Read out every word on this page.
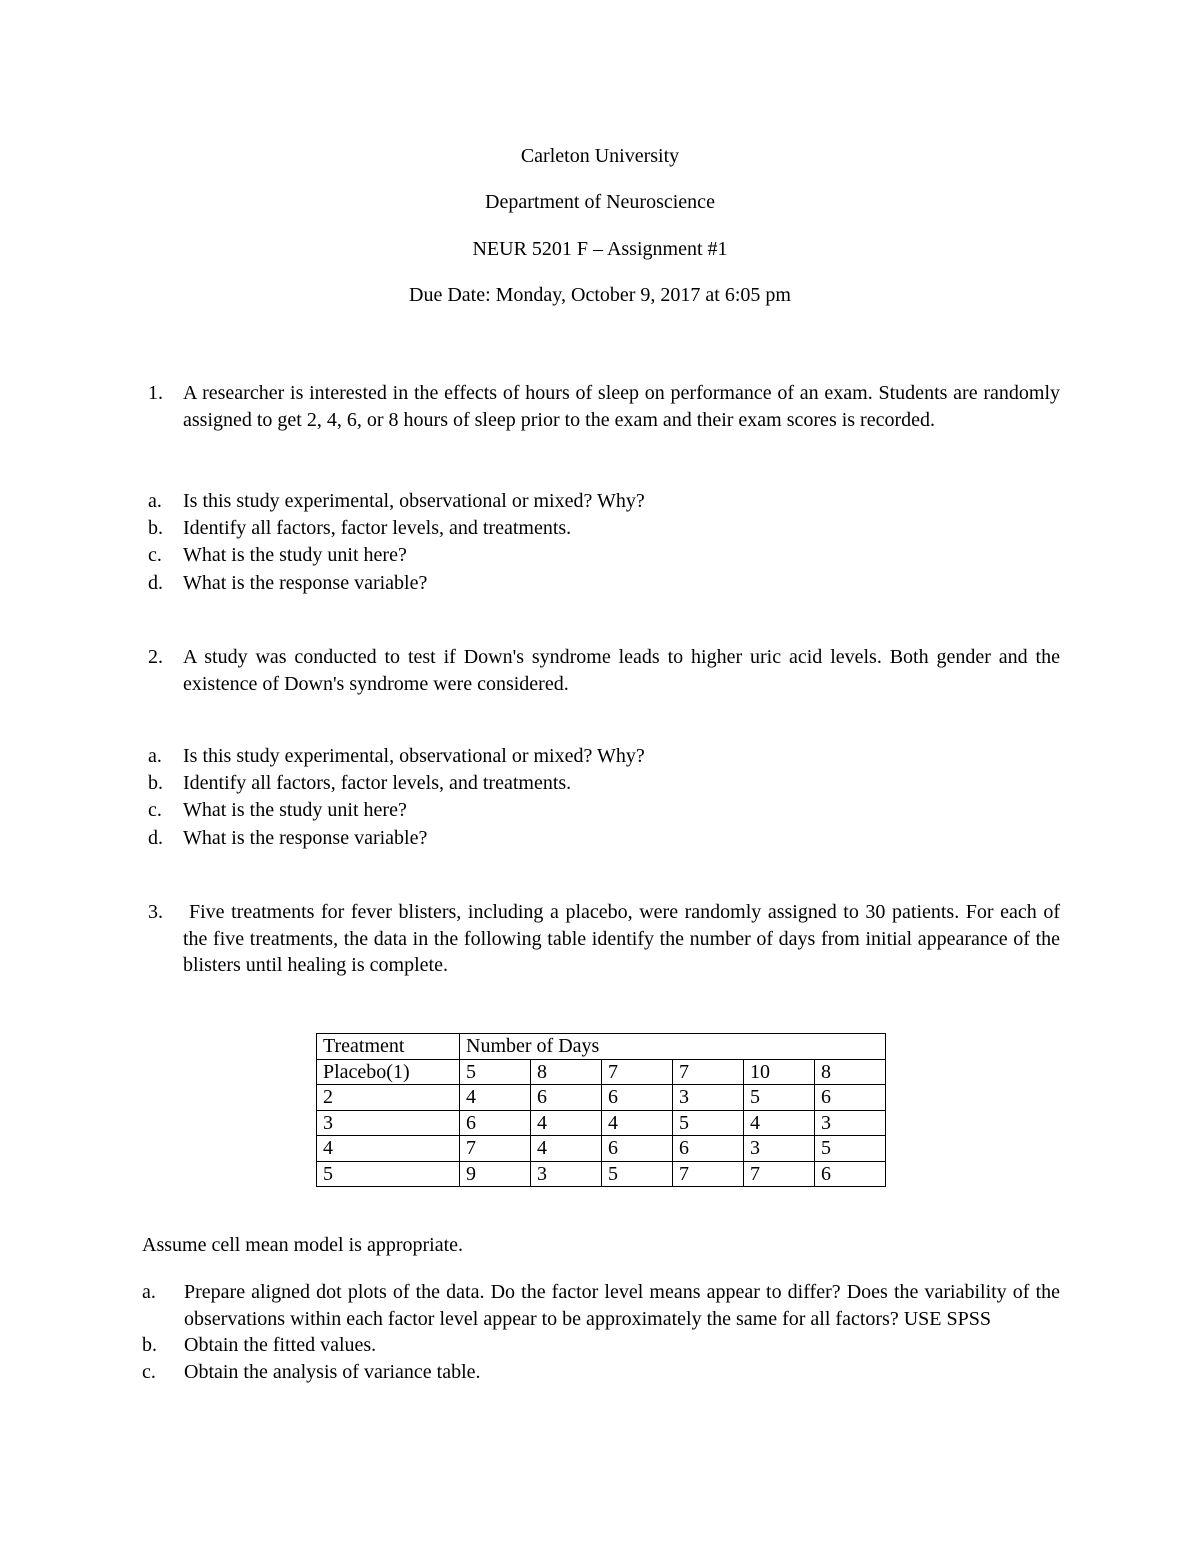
Carleton University
Department of Neuroscience
NEUR 5201 F – Assignment #1
Due Date: Monday, October 9, 2017 at 6:05 pm
1. A researcher is interested in the effects of hours of sleep on performance of an exam. Students are randomly assigned to get 2, 4, 6, or 8 hours of sleep prior to the exam and their exam scores is recorded.
a. Is this study experimental, observational or mixed? Why?
b. Identify all factors, factor levels, and treatments.
c. What is the study unit here?
d. What is the response variable?
2. A study was conducted to test if Down's syndrome leads to higher uric acid levels. Both gender and the existence of Down's syndrome were considered.
a. Is this study experimental, observational or mixed? Why?
b. Identify all factors, factor levels, and treatments.
c. What is the study unit here?
d. What is the response variable?
3.	Five treatments for fever blisters, including a placebo, were randomly assigned to 30 patients. For each of the five treatments, the data in the following table identify the number of days from initial appearance of the blisters until healing is complete.
Treatment	Number of Days					
Placebo(1)	5	8	7	7	10	8
2	4	6	6	3	5	6
3	6	4	4	5	4	3
4	7	4	6	6	3	5
5	9	3	5	7	7	6
Assume cell mean model is appropriate.
a. Prepare aligned dot plots of the data. Do the factor level means appear to differ? Does the variability of the observations within each factor level appear to be approximately the same for all factors? USE SPSS
b. Obtain the fitted values.
c. Obtain the analysis of variance table.
